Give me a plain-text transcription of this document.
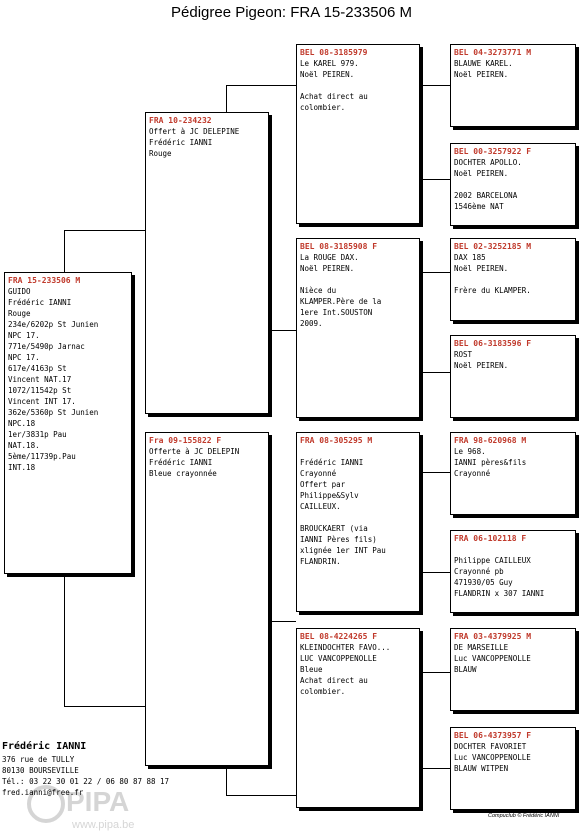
Pédigree Pigeon: FRA 15-233506 M
FRA 15-233506 M
GUIDO
Frédéric IANNI
Rouge
234e/6202p St Junien
NPC 17.
771e/5490p Jarnac
NPC 17.
617e/4163p St
Vincent NAT.17
1072/11542p St
Vincent INT 17.
362e/5360p St Junien
NPC.18
1er/3831p Pau
NAT.18.
5ème/11739p.Pau
INT.18
FRA 10-234232
Offert à JC DELEPINE
Frédéric IANNI
Rouge
Fra 09-155822 F
Offerte à JC DELEPIN
Frédéric IANNI
Bleue crayonnée
BEL 08-3185979
Le KAREL 979.
Noël PEIREN.
Achat direct au
colombier.
BEL 08-3185908 F
La ROUGE DAX.
Noël PEIREN.
Nièce du
KLAMPER.Père de la
1ere Int.SOUSTON
2009.
FRA 08-305295 M
Frédéric IANNI
Crayonné
Offert par
Philippe&Sylv
CAILLEUX.
BROUCKAERT (via
IANNI Pères fils)
xlignée 1er INT Pau
FLANDRIN.
BEL 08-4224265 F
KLEINDOCHTER FAVO...
LUC VANCOPPENOLLE
Bleue
Achat direct au
colombier.
BEL 04-3273771 M
BLAUWE KAREL.
Noël PEIREN.
BEL 00-3257922 F
DOCHTER APOLLO.
Noël PEIREN.
2002 BARCELONA
1546ème NAT
BEL 02-3252185 M
DAX 185
Noël PEIREN.
Frère du KLAMPER.
BEL 06-3183596 F
ROST
Noël PEIREN.
FRA 98-620968 M
Le 968.
IANNI pères&fils
Crayonné
FRA 06-102118 F
Philippe CAILLEUX
Crayonné pb
471930/05 Guy
FLANDRIN x 307 IANNI
FRA 03-4379925 M
DE MARSEILLE
Luc VANCOPPENOLLE
BLAUW
BEL 06-4373957 F
DOCHTER FAVORIET
Luc VANCOPPENOLLE
BLAUW WITPEN
PIPA
www.pipa.be
Frédéric IANNI
376 rue de TULLY
80130 BOURSEVILLE
Tél.: 03 22 30 01 22 / 06 80 87 88 17
fred.ianni@free.fr
Compuclub © Frédéric IANNI
